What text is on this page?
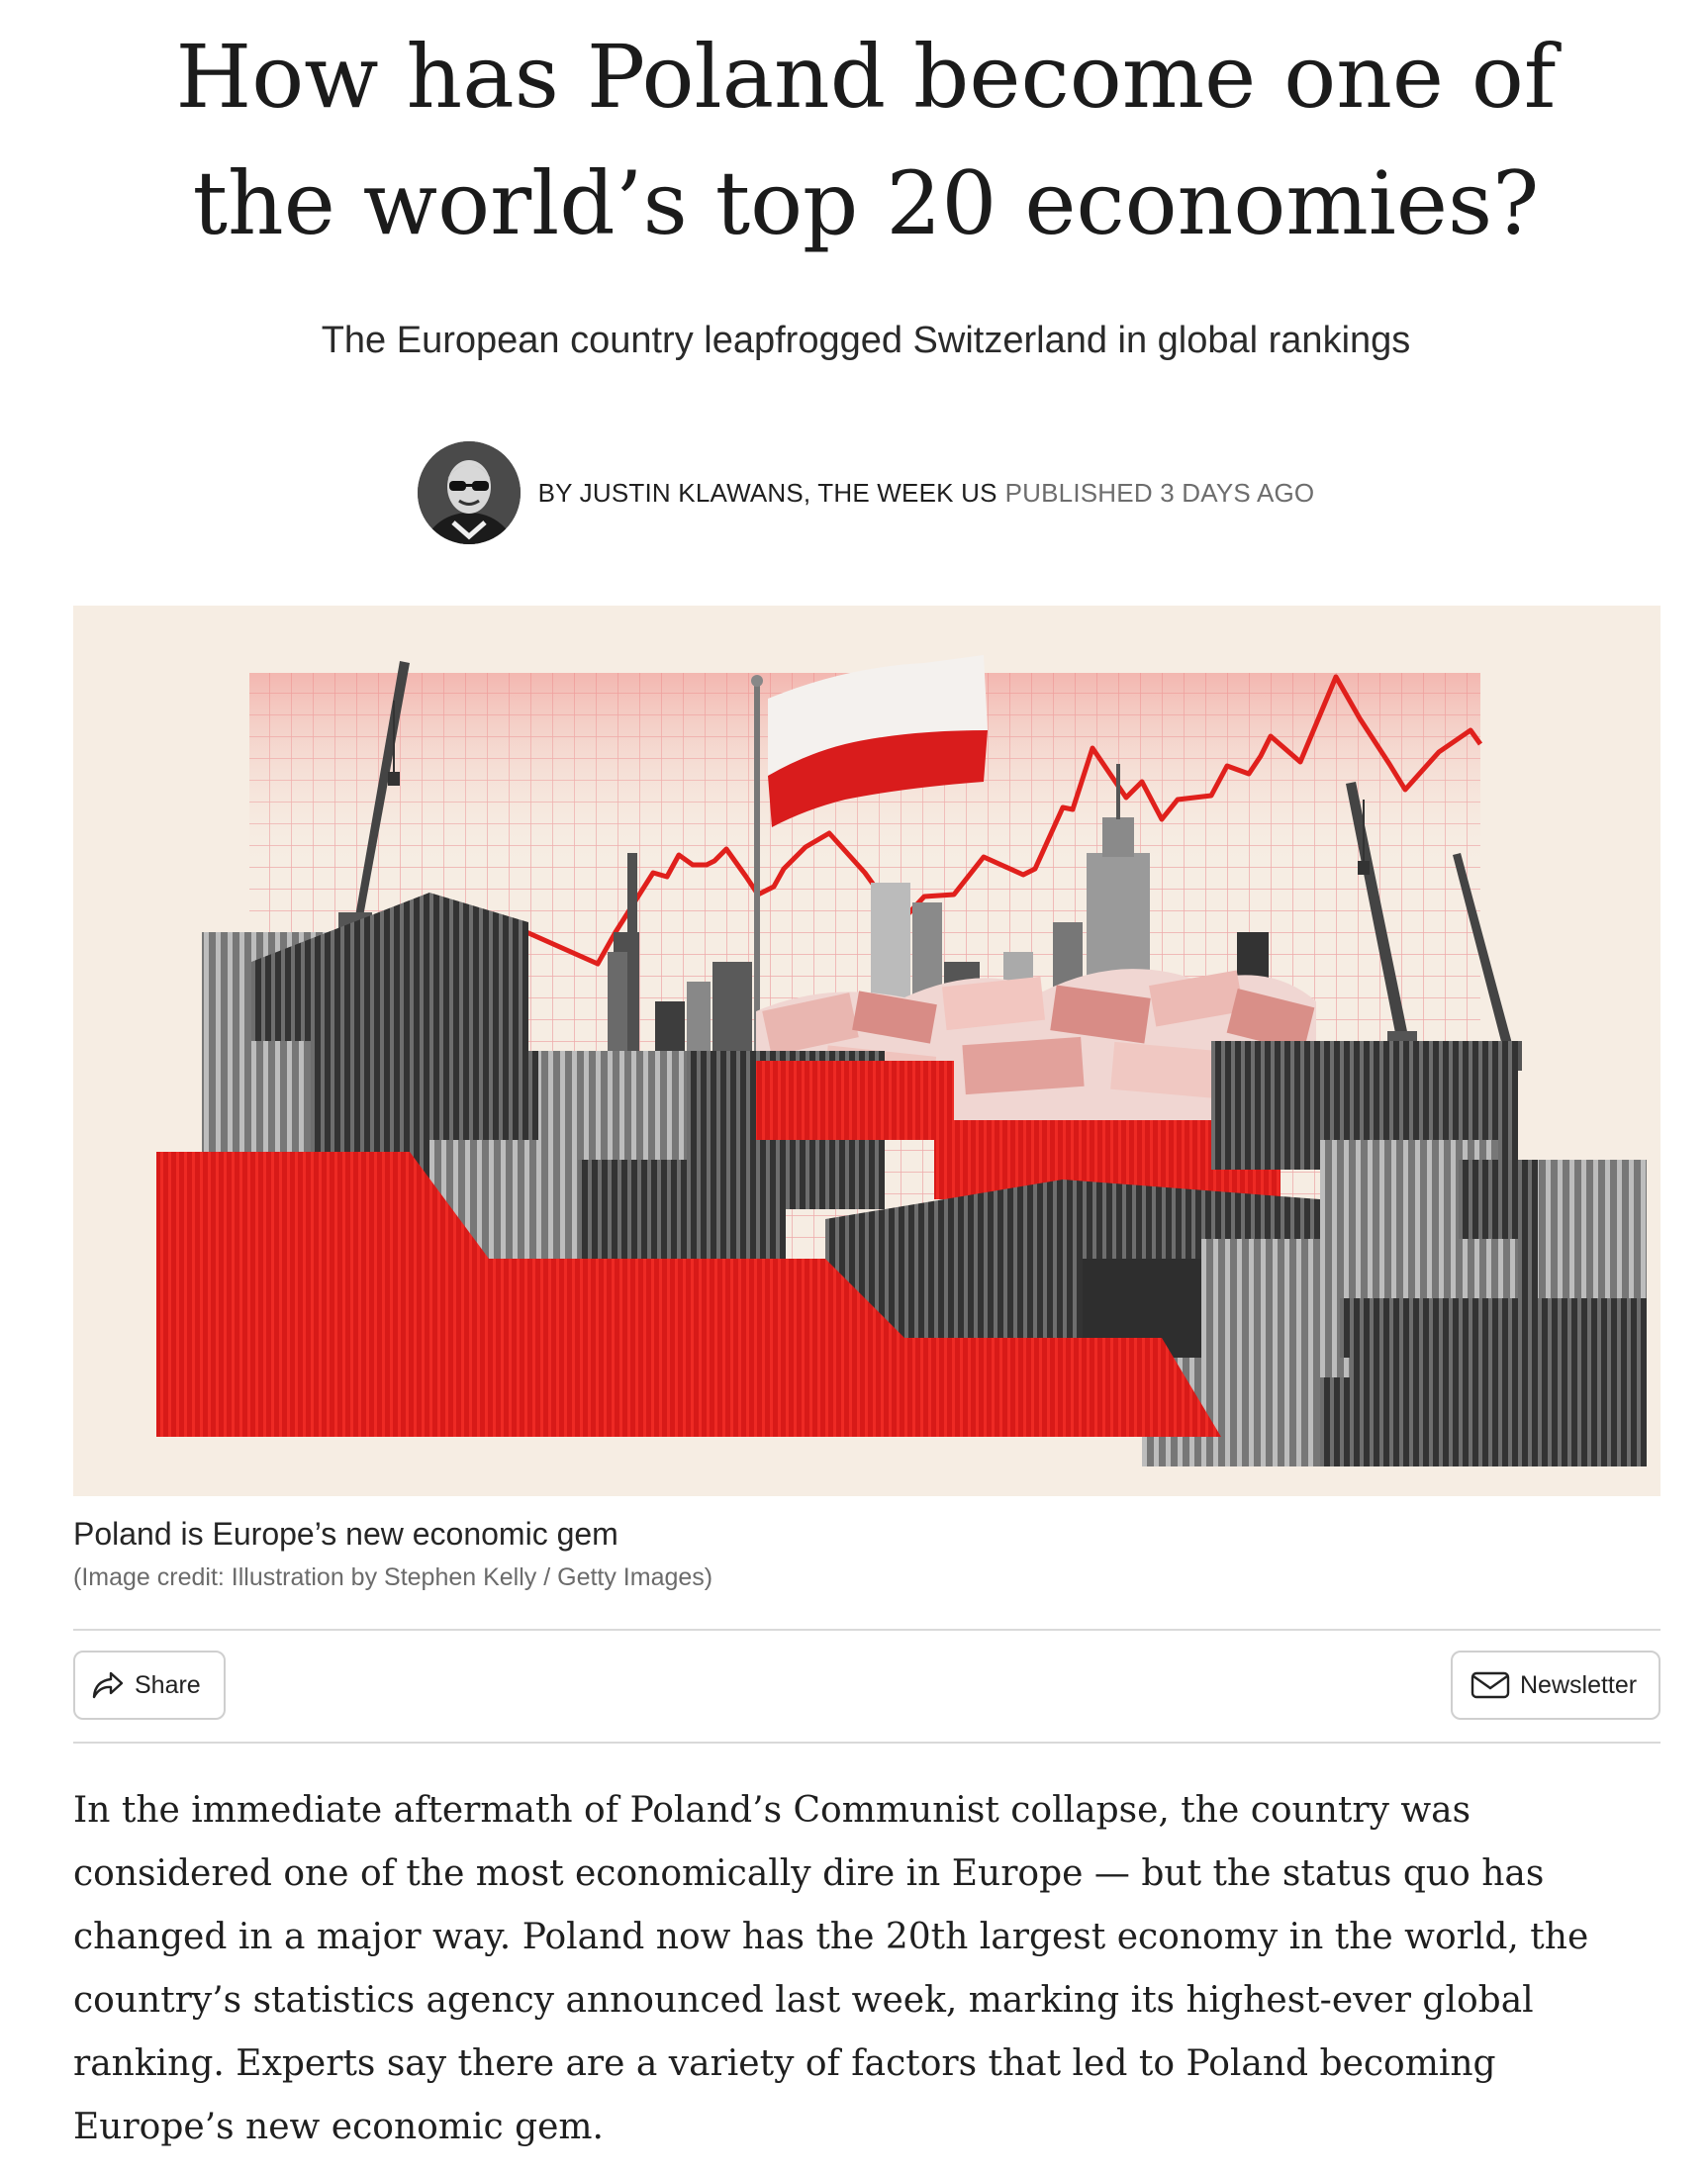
How has Poland become one of the world’s top 20 economies?

The European country leapfrogged Switzerland in global rankings

BY JUSTIN KLAWANS, THE WEEK US PUBLISHED 3 DAYS AGO
Poland is Europe’s new economic gem
(Image credit: Illustration by Stephen Kelly / Getty Images)
Share	Newsletter

In the immediate aftermath of Poland’s Communist collapse, the country was considered one of the most economically dire in Europe — but the status quo has changed in a major way. Poland now has the 20th largest economy in the world, the country’s statistics agency announced last week, marking its highest-ever global ranking. Experts say there are a variety of factors that led to Poland becoming Europe’s new economic gem.
